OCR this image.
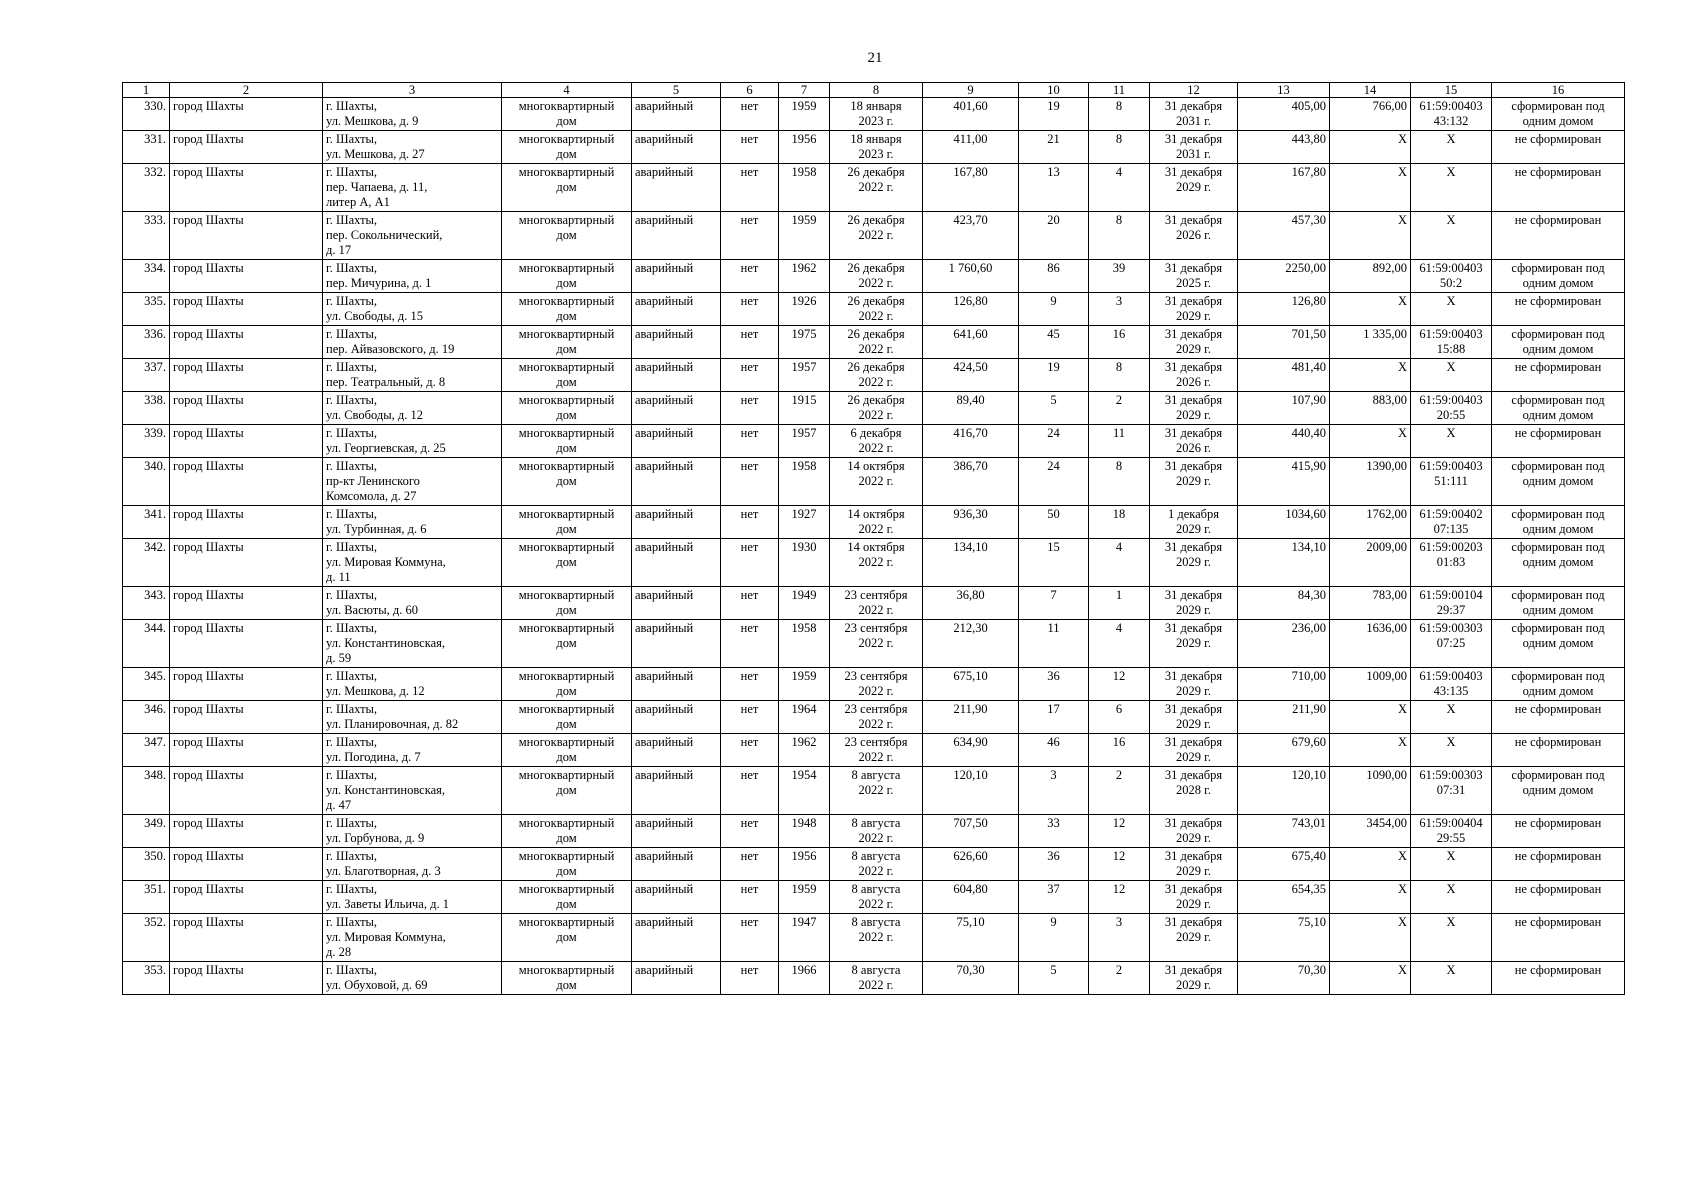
21
1	2	3	4	5	6	7	8	9	10	11	12	13	14	15	16

330.	город Шахты	г. Шахты,
ул. Мешкова, д. 9	многоквартирный
дом	аварийный	нет	1959	18 января
2023 г.	401,60	19	8	31 декабря
2031 г.	405,00	766,00	61:59:00403
43:132	сформирован под
одним домом

331.	город Шахты	г. Шахты,
ул. Мешкова, д. 27	многоквартирный
дом	аварийный	нет	1956	18 января
2023 г.	411,00	21	8	31 декабря
2031 г.	443,80	X	X	не сформирован

332.	город Шахты	г. Шахты,
пер. Чапаева, д. 11,
литер А, А1	многоквартирный
дом	аварийный	нет	1958	26 декабря
2022 г.	167,80	13	4	31 декабря
2029 г.	167,80	X	X	не сформирован

333.	город Шахты	г. Шахты,
пер. Сокольнический,
д. 17	многоквартирный
дом	аварийный	нет	1959	26 декабря
2022 г.	423,70	20	8	31 декабря
2026 г.	457,30	X	X	не сформирован

334.	город Шахты	г. Шахты,
пер. Мичурина, д. 1	многоквартирный
дом	аварийный	нет	1962	26 декабря
2022 г.	1 760,60	86	39	31 декабря
2025 г.	2250,00	892,00	61:59:00403
50:2	сформирован под
одним домом

335.	город Шахты	г. Шахты,
ул. Свободы, д. 15	многоквартирный
дом	аварийный	нет	1926	26 декабря
2022 г.	126,80	9	3	31 декабря
2029 г.	126,80	X	X	не сформирован

336.	город Шахты	г. Шахты,
пер. Айвазовского, д. 19	многоквартирный
дом	аварийный	нет	1975	26 декабря
2022 г.	641,60	45	16	31 декабря
2029 г.	701,50	1 335,00	61:59:00403
15:88	сформирован под
одним домом

337.	город Шахты	г. Шахты,
пер. Театральный, д. 8	многоквартирный
дом	аварийный	нет	1957	26 декабря
2022 г.	424,50	19	8	31 декабря
2026 г.	481,40	X	X	не сформирован

338.	город Шахты	г. Шахты,
ул. Свободы, д. 12	многоквартирный
дом	аварийный	нет	1915	26 декабря
2022 г.	89,40	5	2	31 декабря
2029 г.	107,90	883,00	61:59:00403
20:55	сформирован под
одним домом

339.	город Шахты	г. Шахты,
ул. Георгиевская, д. 25	многоквартирный
дом	аварийный	нет	1957	6 декабря
2022 г.	416,70	24	11	31 декабря
2026 г.	440,40	X	X	не сформирован

340.	город Шахты	г. Шахты,
пр-кт Ленинского
Комсомола, д. 27	многоквартирный
дом	аварийный	нет	1958	14 октября
2022 г.	386,70	24	8	31 декабря
2029 г.	415,90	1390,00	61:59:00403
51:111	сформирован под
одним домом

341.	город Шахты	г. Шахты,
ул. Турбинная, д. 6	многоквартирный
дом	аварийный	нет	1927	14 октября
2022 г.	936,30	50	18	1 декабря
2029 г.	1034,60	1762,00	61:59:00402
07:135	сформирован под
одним домом

342.	город Шахты	г. Шахты,
ул. Мировая Коммуна,
д. 11	многоквартирный
дом	аварийный	нет	1930	14 октября
2022 г.	134,10	15	4	31 декабря
2029 г.	134,10	2009,00	61:59:00203
01:83	сформирован под
одним домом

343.	город Шахты	г. Шахты,
ул. Васюты, д. 60	многоквартирный
дом	аварийный	нет	1949	23 сентября
2022 г.	36,80	7	1	31 декабря
2029 г.	84,30	783,00	61:59:00104
29:37	сформирован под
одним домом

344.	город Шахты	г. Шахты,
ул. Константиновская,
д. 59	многоквартирный
дом	аварийный	нет	1958	23 сентября
2022 г.	212,30	11	4	31 декабря
2029 г.	236,00	1636,00	61:59:00303
07:25	сформирован под
одним домом

345.	город Шахты	г. Шахты,
ул. Мешкова, д. 12	многоквартирный
дом	аварийный	нет	1959	23 сентября
2022 г.	675,10	36	12	31 декабря
2029 г.	710,00	1009,00	61:59:00403
43:135	сформирован под
одним домом

346.	город Шахты	г. Шахты,
ул. Планировочная, д. 82	многоквартирный
дом	аварийный	нет	1964	23 сентября
2022 г.	211,90	17	6	31 декабря
2029 г.	211,90	X	X	не сформирован

347.	город Шахты	г. Шахты,
ул. Погодина, д. 7	многоквартирный
дом	аварийный	нет	1962	23 сентября
2022 г.	634,90	46	16	31 декабря
2029 г.	679,60	X	X	не сформирован

348.	город Шахты	г. Шахты,
ул. Константиновская,
д. 47	многоквартирный
дом	аварийный	нет	1954	8 августа
2022 г.	120,10	3	2	31 декабря
2028 г.	120,10	1090,00	61:59:00303
07:31	сформирован под
одним домом

349.	город Шахты	г. Шахты,
ул. Горбунова, д. 9	многоквартирный
дом	аварийный	нет	1948	8 августа
2022 г.	707,50	33	12	31 декабря
2029 г.	743,01	3454,00	61:59:00404
29:55	не сформирован

350.	город Шахты	г. Шахты,
ул. Благотворная, д. 3	многоквартирный
дом	аварийный	нет	1956	8 августа
2022 г.	626,60	36	12	31 декабря
2029 г.	675,40	X	X	не сформирован

351.	город Шахты	г. Шахты,
ул. Заветы Ильича, д. 1	многоквартирный
дом	аварийный	нет	1959	8 августа
2022 г.	604,80	37	12	31 декабря
2029 г.	654,35	X	X	не сформирован

352.	город Шахты	г. Шахты,
ул. Мировая Коммуна,
д. 28	многоквартирный
дом	аварийный	нет	1947	8 августа
2022 г.	75,10	9	3	31 декабря
2029 г.	75,10	X	X	не сформирован

353.	город Шахты	г. Шахты,
ул. Обуховой, д. 69	многоквартирный
дом	аварийный	нет	1966	8 августа
2022 г.	70,30	5	2	31 декабря
2029 г.	70,30	X	X	не сформирован
